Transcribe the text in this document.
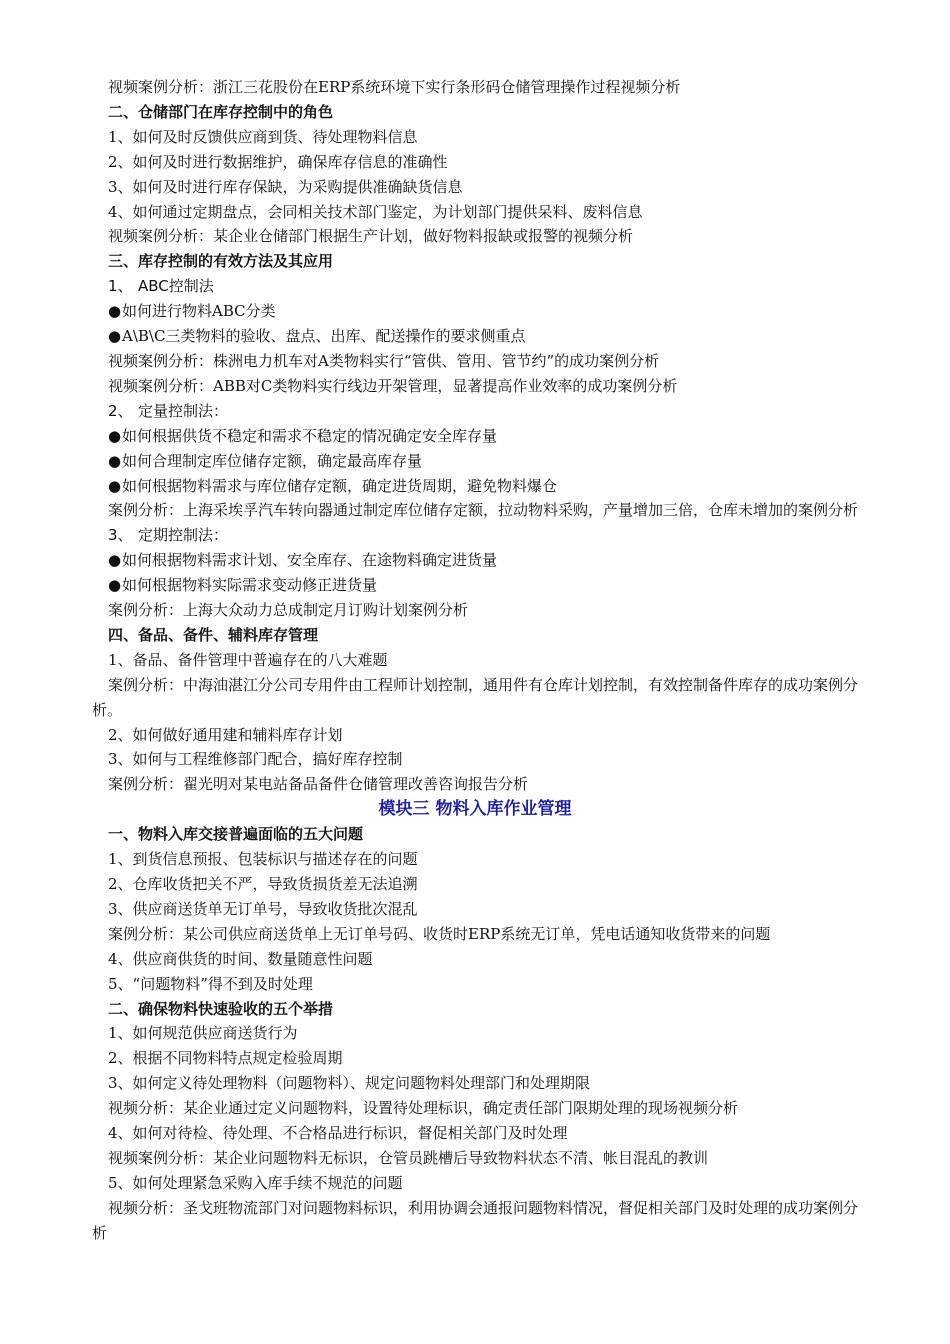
视频案例分析：浙江三花股份在ERP系统环境下实行条形码仓储管理操作过程视频分析
二、仓储部门在库存控制中的角色
1、如何及时反馈供应商到货、待处理物料信息
2、如何及时进行数据维护，确保库存信息的准确性
3、如何及时进行库存保缺，为采购提供准确缺货信息
4、如何通过定期盘点，会同相关技术部门鉴定，为计划部门提供呆料、废料信息
视频案例分析：某企业仓储部门根据生产计划，做好物料报缺或报警的视频分析
三、库存控制的有效方法及其应用
1、 ABC控制法
●如何进行物料ABC分类
●A\B\C三类物料的验收、盘点、出库、配送操作的要求侧重点
视频案例分析：株洲电力机车对A类物料实行“管供、管用、管节约”的成功案例分析
视频案例分析：ABB对C类物料实行线边开架管理，显著提高作业效率的成功案例分析
2、 定量控制法：
●如何根据供货不稳定和需求不稳定的情况确定安全库存量
●如何合理制定库位储存定额，确定最高库存量
●如何根据物料需求与库位储存定额，确定进货周期，避免物料爆仓
案例分析：上海采埃孚汽车转向器通过制定库位储存定额，拉动物料采购，产量增加三倍，仓库未增加的案例分析
3、 定期控制法：
●如何根据物料需求计划、安全库存、在途物料确定进货量
●如何根据物料实际需求变动修正进货量
案例分析：上海大众动力总成制定月订购计划案例分析
四、备品、备件、辅料库存管理
1、备品、备件管理中普遍存在的八大难题
案例分析：中海油湛江分公司专用件由工程师计划控制，通用件有仓库计划控制，有效控制备件库存的成功案例分析。
2、如何做好通用建和辅料库存计划
3、如何与工程维修部门配合，搞好库存控制
案例分析：翟光明对某电站备品备件仓储管理改善咨询报告分析
模块三 物料入库作业管理
一、物料入库交接普遍面临的五大问题
1、到货信息预报、包装标识与描述存在的问题
2、仓库收货把关不严，导致货损货差无法追溯
3、供应商送货单无订单号，导致收货批次混乱
案例分析：某公司供应商送货单上无订单号码、收货时ERP系统无订单，凭电话通知收货带来的问题
4、供应商供货的时间、数量随意性问题
5、“问题物料”得不到及时处理
二、确保物料快速验收的五个举措
1、如何规范供应商送货行为
2、根据不同物料特点规定检验周期
3、如何定义待处理物料（问题物料）、规定问题物料处理部门和处理期限
视频分析：某企业通过定义问题物料，设置待处理标识，确定责任部门限期处理的现场视频分析
4、如何对待检、待处理、不合格品进行标识，督促相关部门及时处理
视频案例分析：某企业问题物料无标识，仓管员跳槽后导致物料状态不清、帐目混乱的教训
5、如何处理紧急采购入库手续不规范的问题
视频分析：圣戈班物流部门对问题物料标识，利用协调会通报问题物料情况，督促相关部门及时处理的成功案例分析
